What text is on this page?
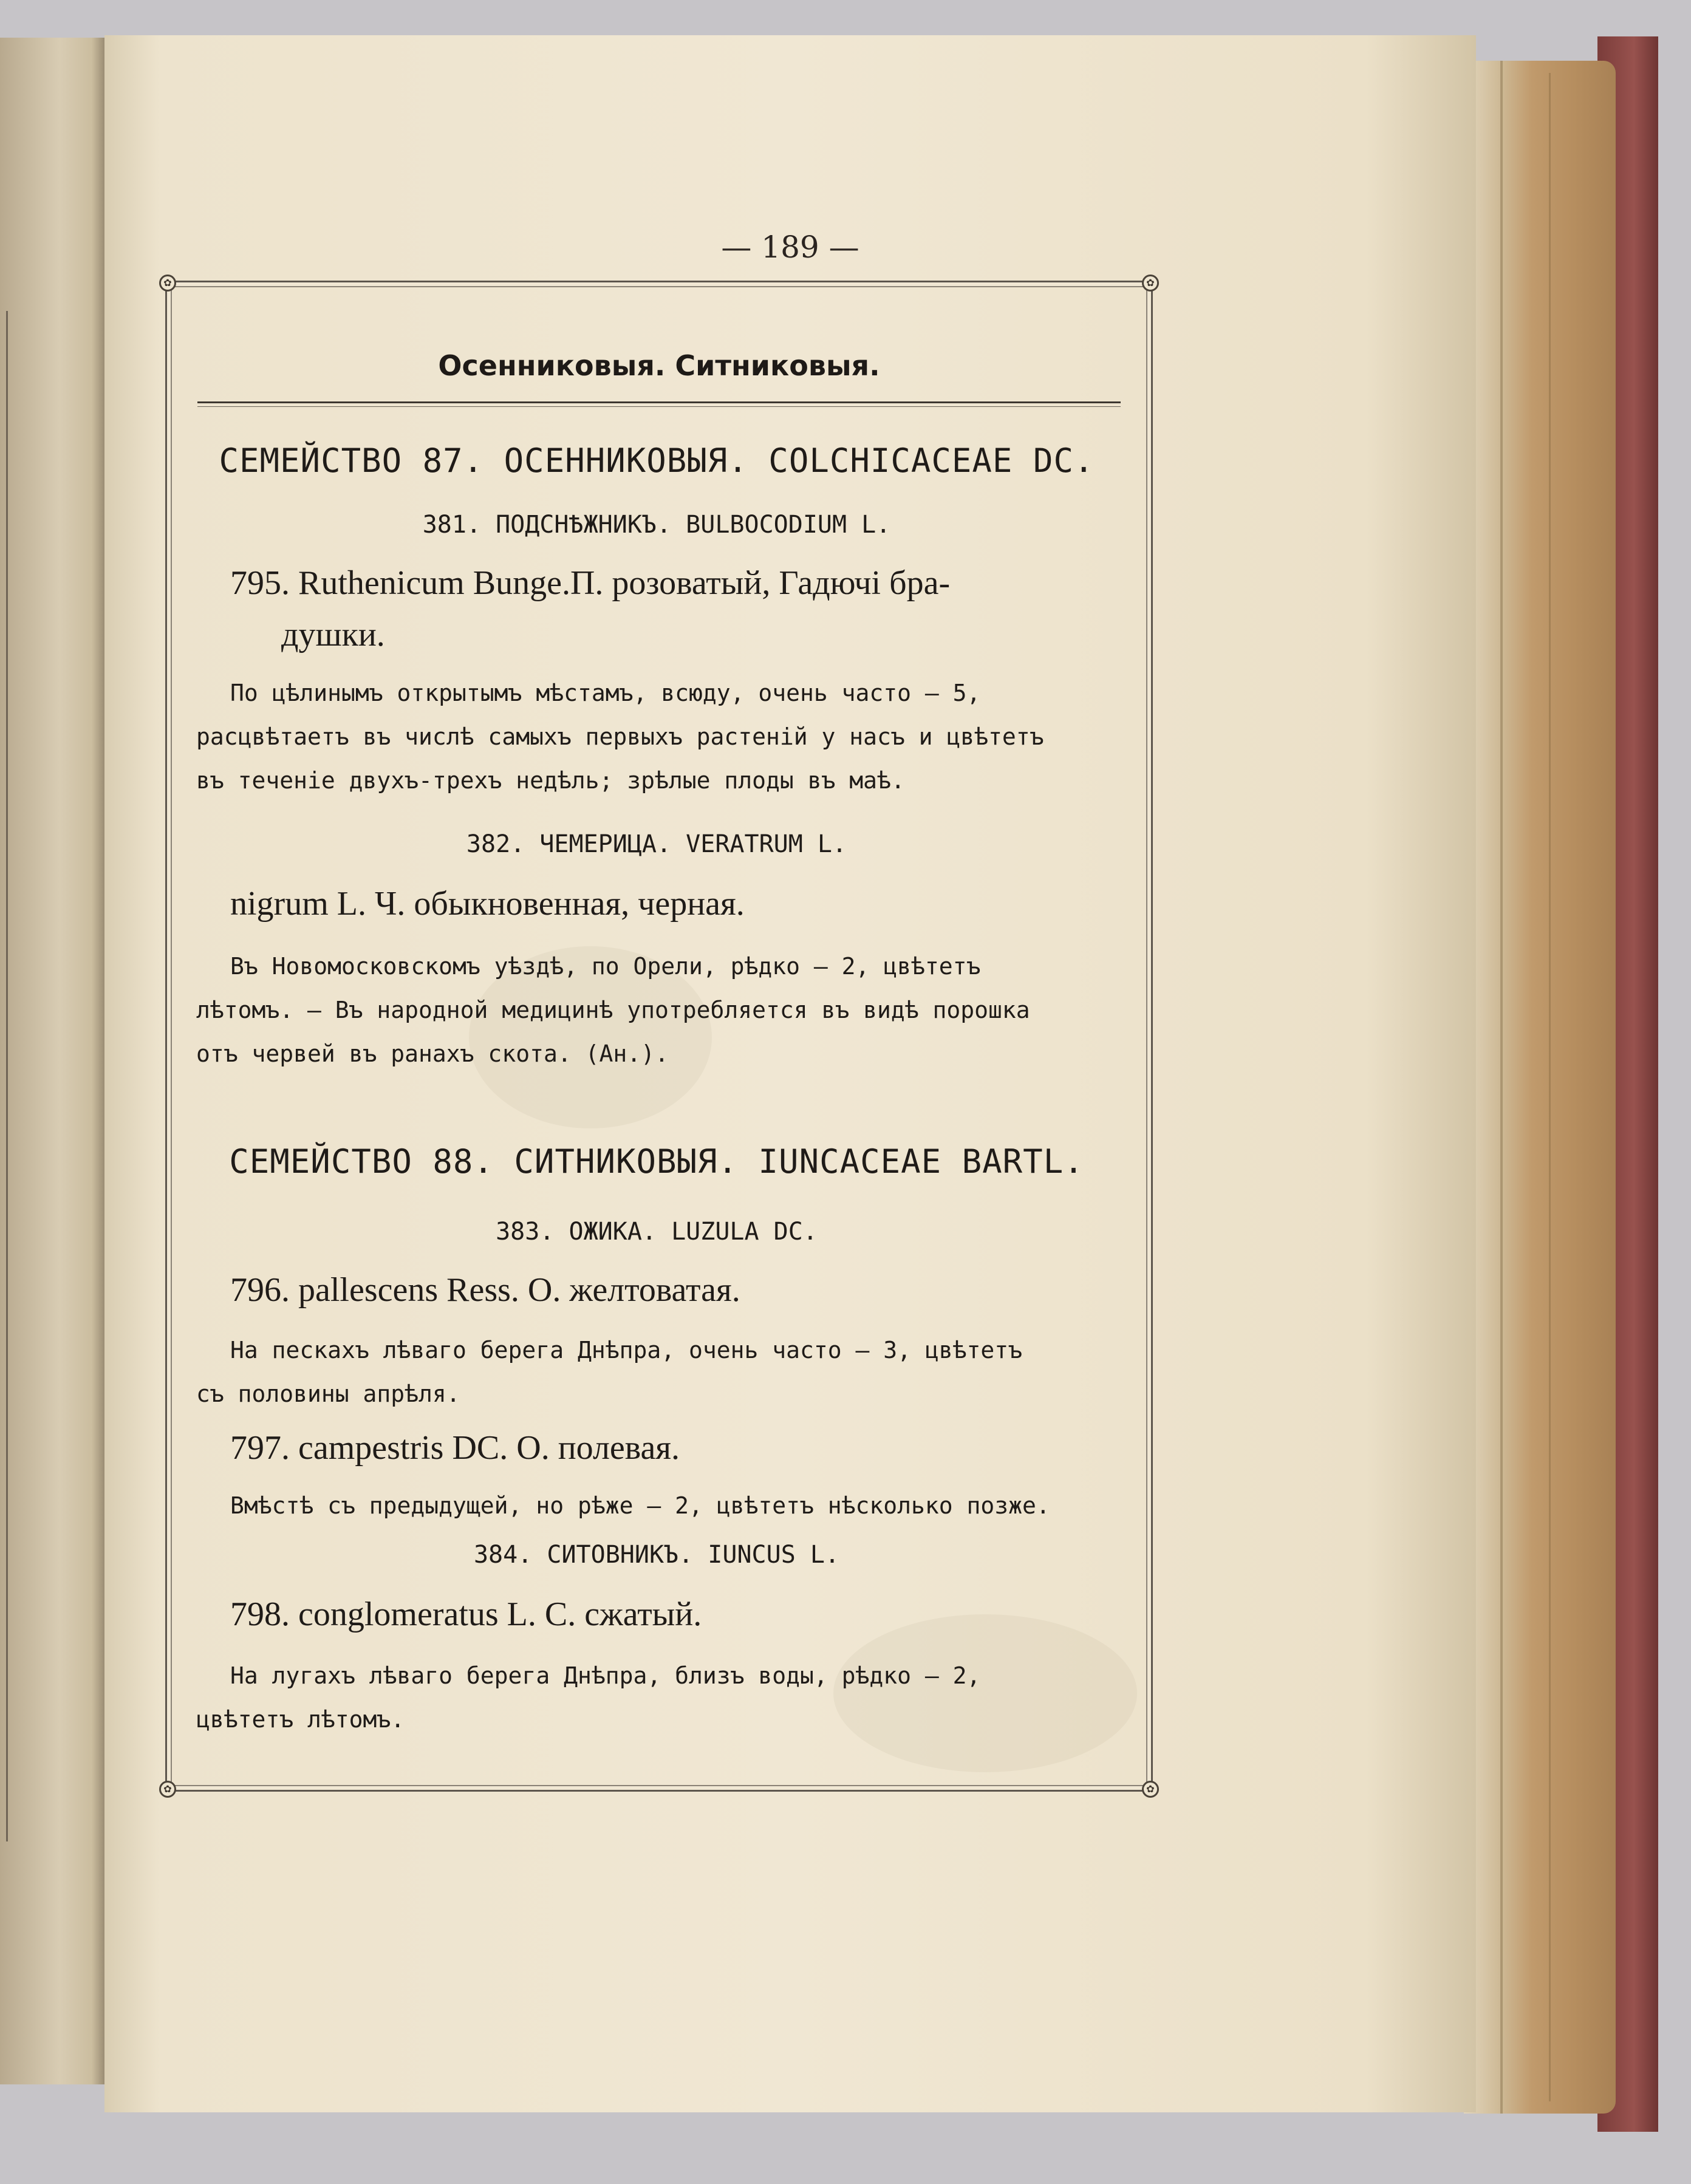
— 189 —
✿	✿
✿	✿
Осенниковыя. Ситниковыя.
СЕМЕЙСТВО 87. ОСЕННИКОВЫЯ. COLCHICACEAE DC.
381. ПОДСНѢЖНИКЪ. BULBOCODIUM L.
795. Ruthenicum Bunge.П. розоватый, Гадючi бра-
душки.
По цѣлинымъ открытымъ мѣстамъ, всюду, очень часто — 5,
расцвѣтаетъ въ числѣ самыхъ первыхъ растенiй у насъ и цвѣтетъ
въ теченiе двухъ-трехъ недѣль; зрѣлые плоды въ маѣ.
382. ЧЕМЕРИЦА. VERATRUM L.
nigrum L. Ч. обыкновенная, черная.
Въ Новомосковскомъ уѣздѣ, по Орели, рѣдко — 2, цвѣтетъ
лѣтомъ. — Въ народной медицинѣ употребляется въ видѣ порошка
отъ червей въ ранахъ скота. (Ан.).
СЕМЕЙСТВО 88. СИТНИКОВЫЯ. IUNCACEAE BARTL.
383. ОЖИКА. LUZULA DC.
796. pallescens Ress. О. желтоватая.
На пескахъ лѣваго берега Днѣпра, очень часто — 3, цвѣтетъ
съ половины апрѣля.
797. campestris DC. О. полевая.
Вмѣстѣ съ предыдущей, но рѣже — 2, цвѣтетъ нѣсколько позже.
384. СИТОВНИКЪ. IUNCUS L.
798. conglomeratus L. С. сжатый.
На лугахъ лѣваго берега Днѣпра, близъ воды, рѣдко — 2,
цвѣтетъ лѣтомъ.
